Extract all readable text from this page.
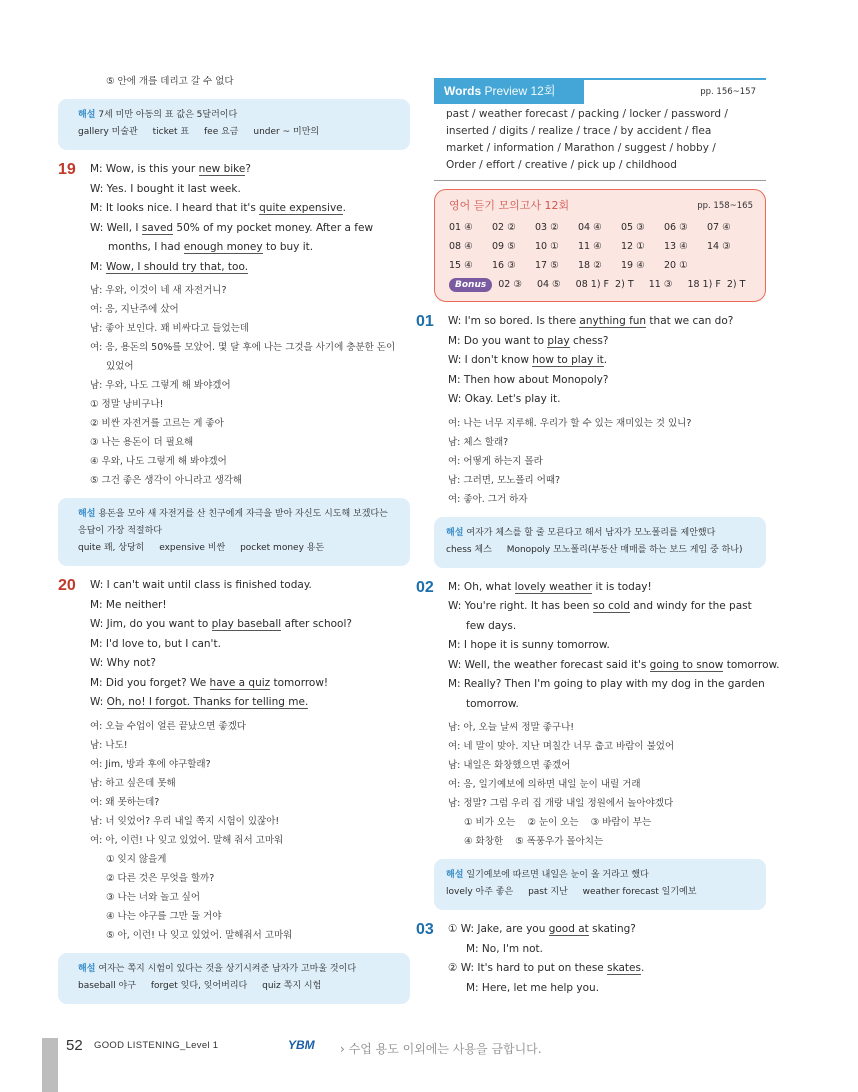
⑤ 안에 개를 데리고 갈 수 없다
해설 7세 미만 아동의 표 값은 5달러이다
gallery 미술관 ticket 표 fee 요금 under ~ 미만의
19 M: Wow, is this your new bike?
W: Yes. I bought it last week.
M: It looks nice. I heard that it's quite expensive.
W: Well, I saved 50% of my pocket money. After a few
months, I had enough money to buy it.
M: Wow, I should try that, too.
남: 우와, 이것이 네 새 자전거니?
여: 응, 지난주에 샀어
남: 좋아 보인다. 꽤 비싸다고 들었는데
여: 응, 용돈의 50%를 모았어. 몇 달 후에 나는 그것을 사기에 충분한 돈이
있었어
남: 우와, 나도 그렇게 해 봐야겠어
① 정말 낭비구나!
② 비싼 자전거를 고르는 게 좋아
③ 나는 용돈이 더 필요해
④ 우와, 나도 그렇게 해 봐야겠어
⑤ 그건 좋은 생각이 아니라고 생각해
해설 용돈을 모아 새 자전거를 산 친구에게 자극을 받아 자신도 시도해 보겠다는 응답이 가장 적절하다
quite 꽤, 상당히 expensive 비싼 pocket money 용돈
20 W: I can't wait until class is finished today.
M: Me neither!
W: Jim, do you want to play baseball after school?
M: I'd love to, but I can't.
W: Why not?
M: Did you forget? We have a quiz tomorrow!
W: Oh, no! I forgot. Thanks for telling me.
여: 오늘 수업이 얼른 끝났으면 좋겠다
남: 나도!
여: Jim, 방과 후에 야구할래?
남: 하고 싶은데 못해
여: 왜 못하는데?
남: 너 잊었어? 우리 내일 쪽지 시험이 있잖아!
여: 아, 이런! 나 잊고 있었어. 말해 줘서 고마워
① 잊지 않을게
② 다른 것은 무엇을 할까?
③ 나는 너와 놀고 싶어
④ 나는 야구를 그만 둘 거야
⑤ 아, 이런! 나 잊고 있었어. 말해줘서 고마워
해설 여자는 쪽지 시험이 있다는 것을 상기시켜준 남자가 고마울 것이다
baseball 야구 forget 잊다, 잊어버리다 quiz 쪽지 시험
Words Preview 12회	pp. 156~157
past / weather forecast / packing / locker / password /
inserted / digits / realize / trace / by accident / flea
market / information / Marathon / suggest / hobby /
Order / effort / creative / pick up / childhood
영어 듣기 모의고사 12회	pp. 158~165
01 ④ 02 ② 03 ② 04 ④ 05 ③ 06 ③ 07 ④
08 ④ 09 ⑤ 10 ① 11 ④ 12 ① 13 ④ 14 ③
15 ④ 16 ③ 17 ⑤ 18 ② 19 ④ 20 ①
Bonus 02 ③     04 ⑤     08 1) F  2) T     11 ③     18 1) F  2) T
01 W: I'm so bored. Is there anything fun that we can do?
M: Do you want to play chess?
W: I don't know how to play it.
M: Then how about Monopoly?
W: Okay. Let's play it.
여: 나는 너무 지루해. 우리가 할 수 있는 재미있는 것 있니?
남: 체스 할래?
여: 어떻게 하는지 몰라
남: 그러면, 모노폴리 어때?
여: 좋아. 그거 하자
해설 여자가 체스를 할 줄 모른다고 해서 남자가 모노폴리를 제안했다
chess 체스 Monopoly 모노폴리(부동산 매매를 하는 보드 게임 중 하나)
02 M: Oh, what lovely weather it is today!
W: You're right. It has been so cold and windy for the past
few days.
M: I hope it is sunny tomorrow.
W: Well, the weather forecast said it's going to snow tomorrow.
M: Really? Then I'm going to play with my dog in the garden
tomorrow.
남: 아, 오늘 날씨 정말 좋구나!
여: 네 말이 맞아. 지난 며칠간 너무 춥고 바람이 불었어
남: 내일은 화창했으면 좋겠어
여: 응, 일기예보에 의하면 내일 눈이 내릴 거래
남: 정말? 그럼 우리 집 개랑 내일 정원에서 놀아야겠다
① 비가 오는    ② 눈이 오는    ③ 바람이 부는
④ 화창한    ⑤ 폭풍우가 몰아치는
해설 일기예보에 따르면 내일은 눈이 올 거라고 했다
lovely 아주 좋은 past 지난 weather forecast 일기예보
03 ① W: Jake, are you good at skating?
M: No, I'm not.
② W: It's hard to put on these skates.
M: Here, let me help you.
52 GOOD LISTENING_Level 1	YBM › 수업 용도 이외에는 사용을 금합니다.
